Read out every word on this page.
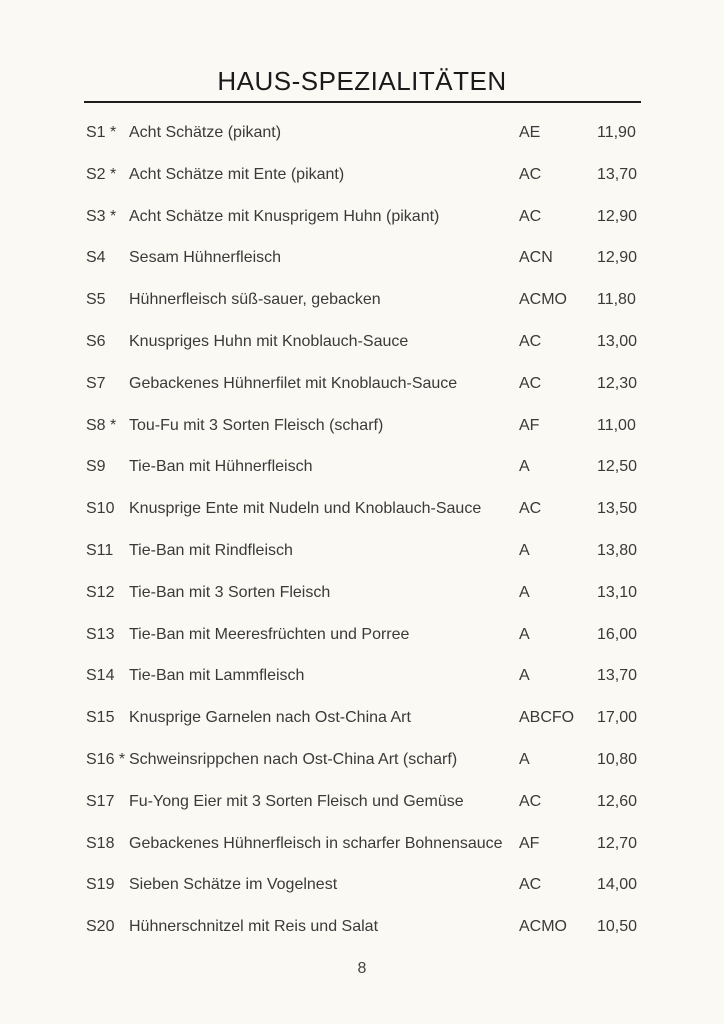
HAUS-SPEZIALITÄTEN
S1 * Acht Schätze (pikant)	AE	11,90
S2 * Acht Schätze mit Ente (pikant)	AC	13,70
S3 * Acht Schätze mit Knusprigem Huhn (pikant)	AC	12,90
S4 Sesam Hühnerfleisch	ACN	12,90
S5 Hühnerfleisch süß-sauer, gebacken	ACMO 11,80
S6 Knuspriges Huhn mit Knoblauch-Sauce	AC	13,00
S7 Gebackenes Hühnerfilet mit Knoblauch-Sauce	AC	12,30
S8 * Tou-Fu mit 3 Sorten Fleisch (scharf)	AF	11,00
S9 Tie-Ban mit Hühnerfleisch	A	12,50
S10 Knusprige Ente mit Nudeln und Knoblauch-Sauce AC	13,50
S11 Tie-Ban mit Rindfleisch	A	13,80
S12 Tie-Ban mit 3 Sorten Fleisch	A	13,10
S13 Tie-Ban mit Meeresfrüchten und Porree	A	16,00
S14 Tie-Ban mit Lammfleisch	A	13,70
S15 Knusprige Garnelen nach Ost-China Art	ABCFO 17,00
S16 * Schweinsrippchen nach Ost-China Art (scharf)	A	10,80
S17 Fu-Yong Eier mit 3 Sorten Fleisch und Gemüse	AC	12,60
S18 Gebackenes Hühnerfleisch in scharfer Bohnensauce AF	12,70
S19 Sieben Schätze im Vogelnest	AC	14,00
S20 Hühnerschnitzel mit Reis und Salat	ACMO 10,50
8
